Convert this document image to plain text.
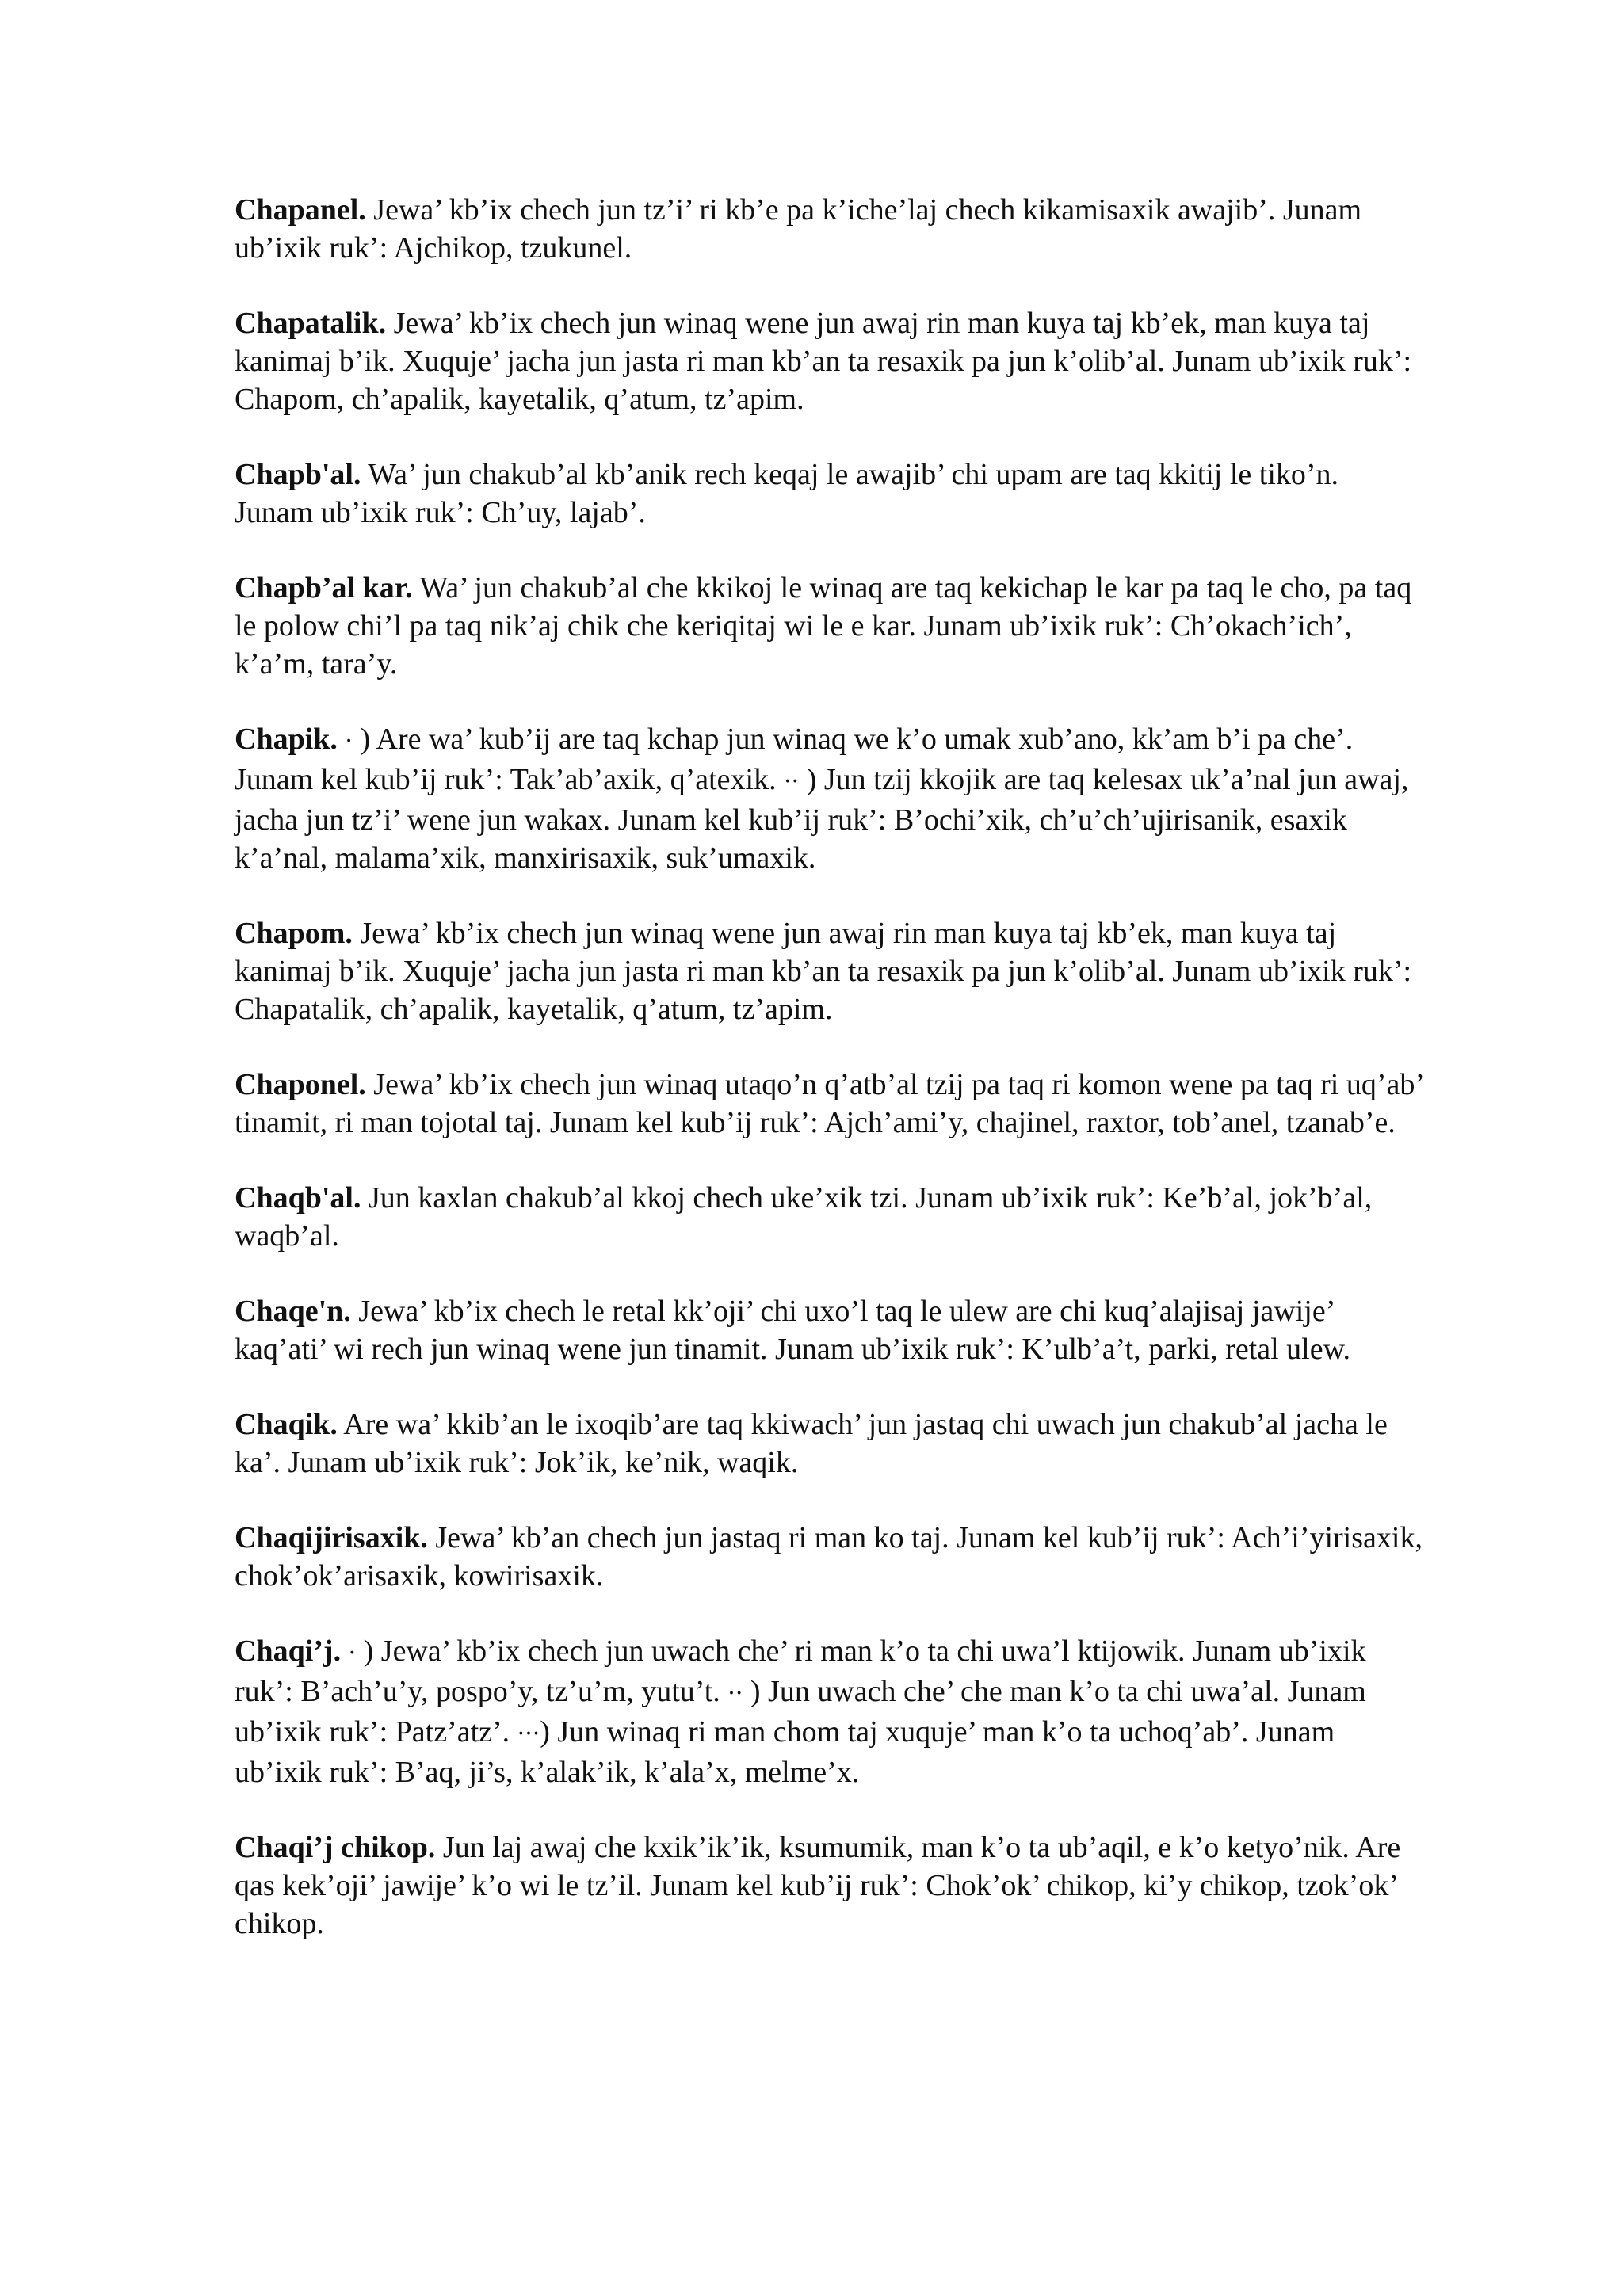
Chapanel. Jewa’ kb’ix chech jun tz’i’ ri kb’e pa k’iche’laj chech kikamisaxik awajib’. Junam ub’ixik ruk’: Ajchikop, tzukunel.

Chapatalik. Jewa’ kb’ix chech jun winaq wene jun awaj rin man kuya taj kb’ek, man kuya taj kanimaj b’ik. Xuquje’ jacha jun jasta ri man kb’an ta resaxik pa jun k’olib’al. Junam ub’ixik ruk’: Chapom, ch’apalik, kayetalik, q’atum, tz’apim.

Chapb'al. Wa’ jun chakub’al kb’anik rech keqaj le awajib’ chi upam are taq kkitij le tiko’n. Junam ub’ixik ruk’: Ch’uy, lajab’.

Chapb’al kar. Wa’ jun chakub’al che kkikoj le winaq are taq kekichap le kar pa taq le cho, pa taq le polow chi’l pa taq nik’aj chik che keriqitaj wi le e kar. Junam ub’ixik ruk’: Ch’okach’ich’, k’a’m, tara’y.

Chapik. · ) Are wa’ kub’ij are taq kchap jun winaq we k’o umak xub’ano, kk’am b’i pa che’. Junam kel kub’ij ruk’: Tak’ab’axik, q’atexik. ·· ) Jun tzij kkojik are taq kelesax uk’a’nal jun awaj, jacha jun tz’i’ wene jun wakax. Junam kel kub’ij ruk’: B’ochi’xik, ch’u’ch’ujirisanik, esaxik k’a’nal, malama’xik, manxirisaxik, suk’umaxik.

Chapom. Jewa’ kb’ix chech jun winaq wene jun awaj rin man kuya taj kb’ek, man kuya taj kanimaj b’ik. Xuquje’ jacha jun jasta ri man kb’an ta resaxik pa jun k’olib’al. Junam ub’ixik ruk’: Chapatalik, ch’apalik, kayetalik, q’atum, tz’apim.

Chaponel. Jewa’ kb’ix chech jun winaq utaqo’n q’atb’al tzij pa taq ri komon wene pa taq ri uq’ab’ tinamit, ri man tojotal taj. Junam kel kub’ij ruk’: Ajch’ami’y, chajinel, raxtor, tob’anel, tzanab’e.

Chaqb'al. Jun kaxlan chakub’al kkoj chech uke’xik tzi. Junam ub’ixik ruk’: Ke’b’al, jok’b’al, waqb’al.

Chaqe'n. Jewa’ kb’ix chech le retal kk’oji’ chi uxo’l taq le ulew are chi kuq’alajisaj jawije’ kaq’ati’ wi rech jun winaq wene jun tinamit. Junam ub’ixik ruk’: K’ulb’a’t, parki, retal ulew.

Chaqik. Are wa’ kkib’an le ixoqib’are taq kkiwach’ jun jastaq chi uwach jun chakub’al jacha le ka’. Junam ub’ixik ruk’: Jok’ik, ke’nik, waqik.

Chaqijirisaxik. Jewa’ kb’an chech jun jastaq ri man ko taj. Junam kel kub’ij ruk’: Ach’i’yirisaxik, chok’ok’arisaxik, kowirisaxik.

Chaqi’j. · ) Jewa’ kb’ix chech jun uwach che’ ri man k’o ta chi uwa’l ktijowik. Junam ub’ixik ruk’: B’ach’u’y, pospo’y, tz’u’m, yutu’t. ·· ) Jun uwach che’ che man k’o ta chi uwa’al. Junam ub’ixik ruk’: Patz’atz’. ···) Jun winaq ri man chom taj xuquje’ man k’o ta uchoq’ab’. Junam ub’ixik ruk’: B’aq, ji’s, k’alak’ik, k’ala’x, melme’x.

Chaqi’j chikop. Jun laj awaj che kxik’ik’ik, ksumumik, man k’o ta ub’aqil, e k’o ketyo’nik. Are qas kek’oji’ jawije’ k’o wi le tz’il. Junam kel kub’ij ruk’: Chok’ok’ chikop, ki’y chikop, tzok’ok’ chikop.
